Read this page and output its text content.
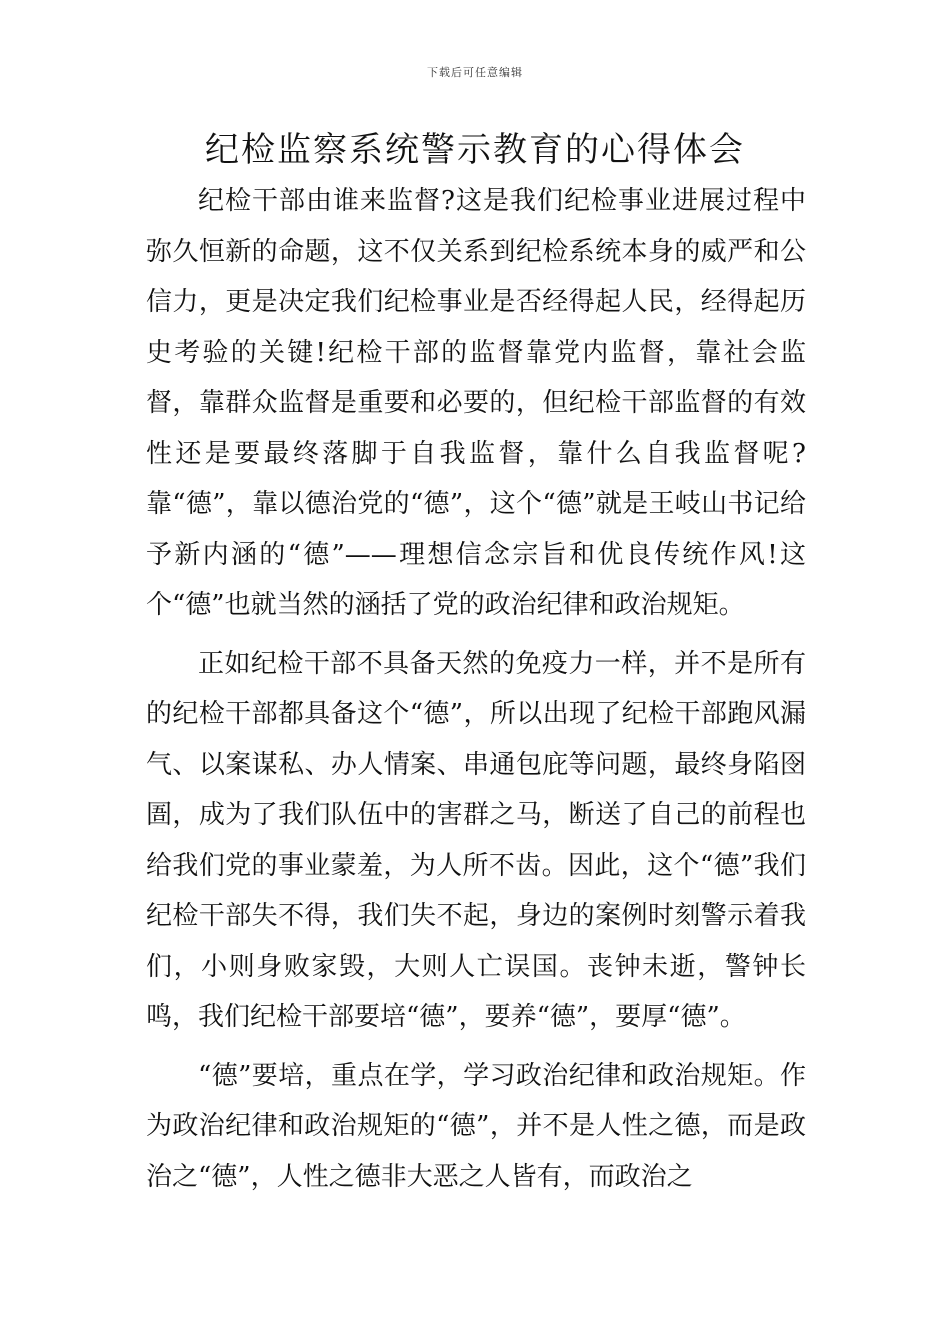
下载后可任意编辑
纪检监察系统警示教育的心得体会

纪检干部由谁来监督?这是我们纪检事业进展过程中弥久恒新的命题，这不仅关系到纪检系统本身的威严和公信力，更是决定我们纪检事业是否经得起人民，经得起历史考验的关键!纪检干部的监督靠党内监督，靠社会监督，靠群众监督是重要和必要的，但纪检干部监督的有效性还是要最终落脚于自我监督，靠什么自我监督呢?靠“德”，靠以德治党的“德”，这个“德”就是王岐山书记给予新内涵的“德”——理想信念宗旨和优良传统作风!这个“德”也就当然的涵括了党的政治纪律和政治规矩。

正如纪检干部不具备天然的免疫力一样，并不是所有的纪检干部都具备这个“德”，所以出现了纪检干部跑风漏气、以案谋私、办人情案、串通包庇等问题，最终身陷囹圄，成为了我们队伍中的害群之马，断送了自己的前程也给我们党的事业蒙羞，为人所不齿。因此，这个“德”我们纪检干部失不得，我们失不起，身边的案例时刻警示着我们，小则身败家毁，大则人亡误国。丧钟未逝，警钟长鸣，我们纪检干部要培“德”，要养“德”，要厚“德”。

“德”要培，重点在学，学习政治纪律和政治规矩。作为政治纪律和政治规矩的“德”，并不是人性之德，而是政治之“德”，人性之德非大恶之人皆有，而政治之
